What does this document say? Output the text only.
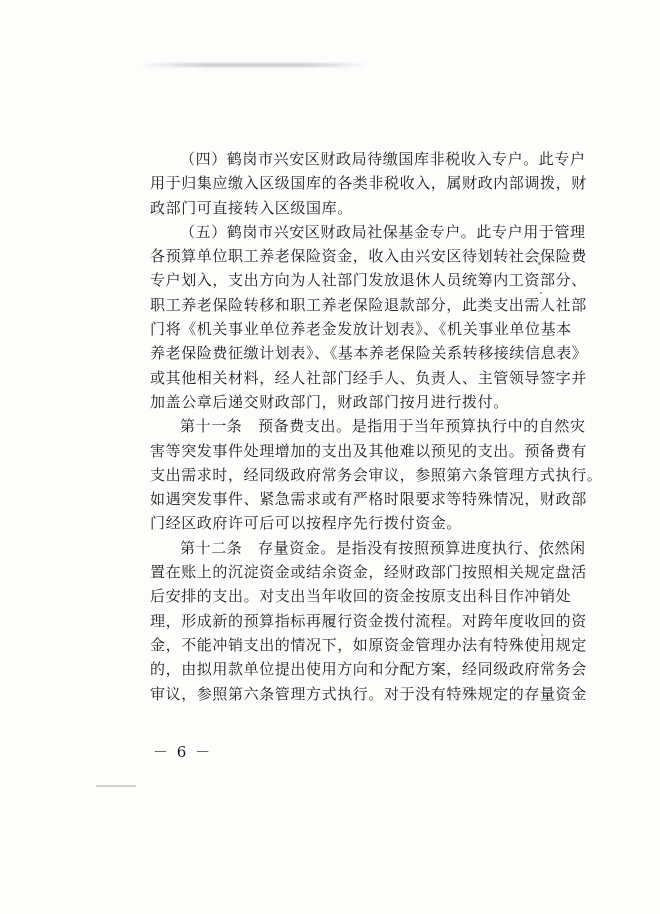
（四）鹤岗市兴安区财政局待缴国库非税收入专户。此专户
用于归集应缴入区级国库的各类非税收入，属财政内部调拨，财
政部门可直接转入区级国库。
（五）鹤岗市兴安区财政局社保基金专户。此专户用于管理
各预算单位职工养老保险资金，收入由兴安区待划转社会保险费
专户划入，支出方向为人社部门发放退休人员统筹内工资部分、
职工养老保险转移和职工养老保险退款部分，此类支出需人社部
门将《机关事业单位养老金发放计划表》、《机关事业单位基本
养老保险费征缴计划表》、《基本养老保险关系转移接续信息表》
或其他相关材料，经人社部门经手人、负责人、主管领导签字并
加盖公章后递交财政部门，财政部门按月进行拨付。
第十一条　预备费支出。是指用于当年预算执行中的自然灾
害等突发事件处理增加的支出及其他难以预见的支出。预备费有
支出需求时，经同级政府常务会审议，参照第六条管理方式执行。
如遇突发事件、紧急需求或有严格时限要求等特殊情况，财政部
门经区政府许可后可以按程序先行拨付资金。
第十二条　存量资金。是指没有按照预算进度执行、依然闲
置在账上的沉淀资金或结余资金，经财政部门按照相关规定盘活
后安排的支出。对支出当年收回的资金按原支出科目作冲销处
理，形成新的预算指标再履行资金拨付流程。对跨年度收回的资
金，不能冲销支出的情况下，如原资金管理办法有特殊使用规定
的，由拟用款单位提出使用方向和分配方案，经同级政府常务会
审议，参照第六条管理方式执行。对于没有特殊规定的存量资金
－ 6 －
